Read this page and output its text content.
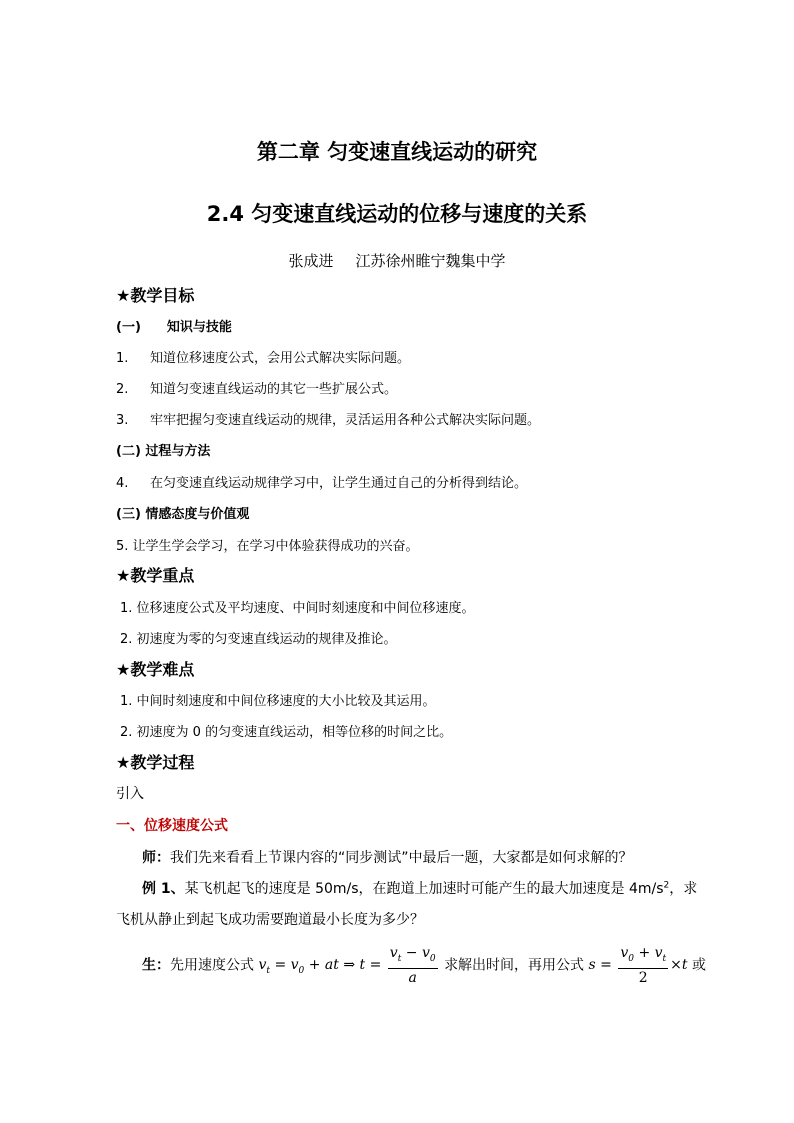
第二章 匀变速直线运动的研究
2.4 匀变速直线运动的位移与速度的关系
张成进 江苏徐州睢宁魏集中学
★教学目标
(一) 知识与技能
1. 知道位移速度公式，会用公式解决实际问题。
2. 知道匀变速直线运动的其它一些扩展公式。
3. 牢牢把握匀变速直线运动的规律，灵活运用各种公式解决实际问题。
(二) 过程与方法
4. 在匀变速直线运动规律学习中，让学生通过自己的分析得到结论。
(三) 情感态度与价值观
5. 让学生学会学习，在学习中体验获得成功的兴奋。
★教学重点
1. 位移速度公式及平均速度、中间时刻速度和中间位移速度。
2. 初速度为零的匀变速直线运动的规律及推论。
★教学难点
1. 中间时刻速度和中间位移速度的大小比较及其运用。
2. 初速度为 0 的匀变速直线运动，相等位移的时间之比。
★教学过程
引入
一、位移速度公式
师：我们先来看看上节课内容的“同步测试”中最后一题，大家都是如何求解的？
例 1、某飞机起飞的速度是 50m/s，在跑道上加速时可能产生的最大加速度是 $4m/s^2$，求
飞机从静止到起飞成功需要跑道最小长度为多少？
生：先用速度公式 $v_t = v_0$ + at ⇒ $t = \frac{v_t - v_0}{a}$ 求解出时间，再用公式 $s = \frac{v_0 + v_t}{2} \times t$ 或
